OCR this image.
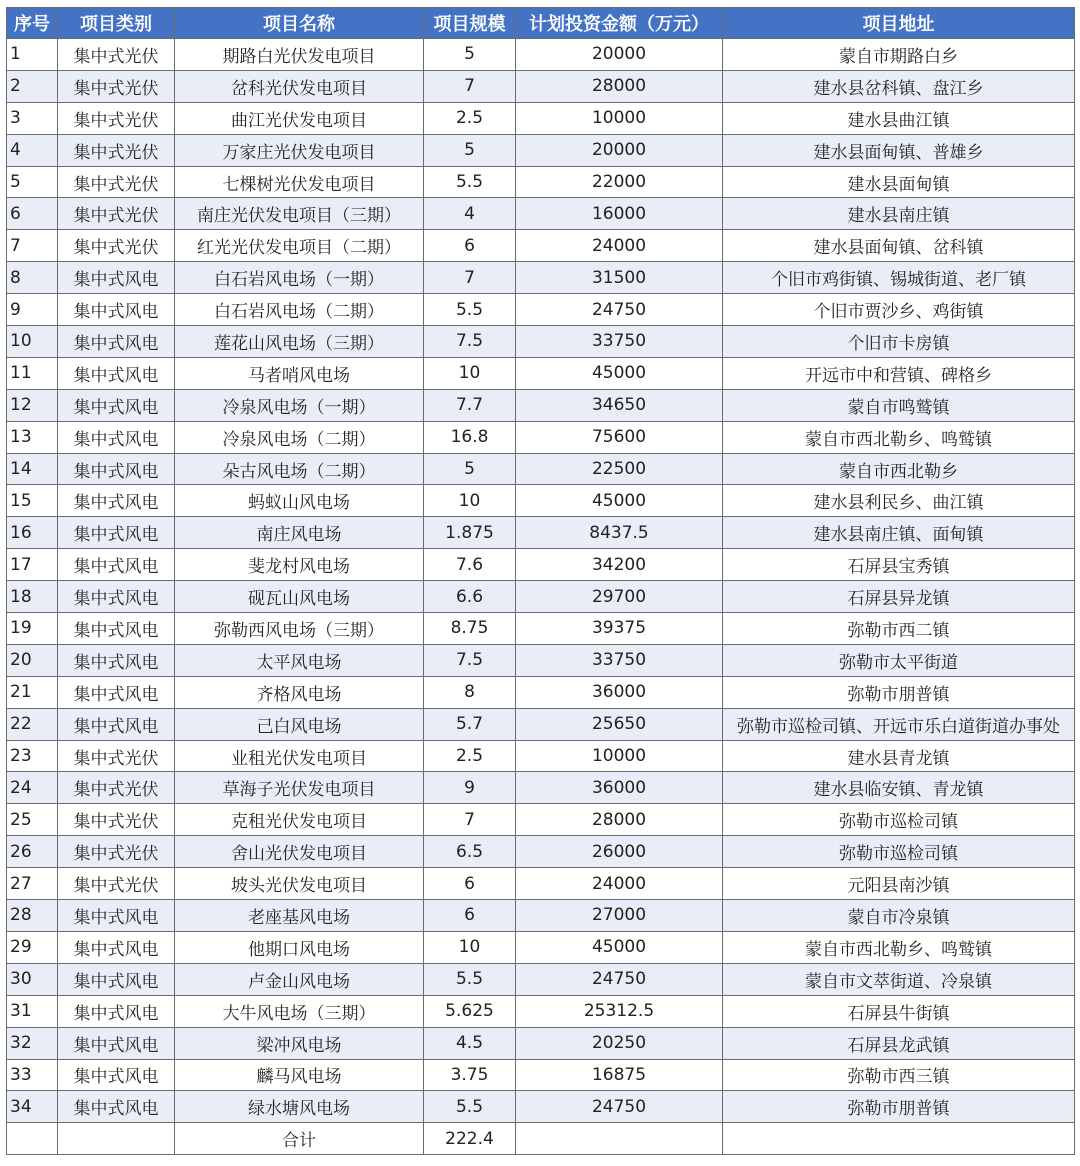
序号	项目类别	项目名称	项目规模	计划投资金额（万元）	项目地址
1	集中式光伏	期路白光伏发电项目	5	20000	蒙自市期路白乡
2	集中式光伏	岔科光伏发电项目	7	28000	建水县岔科镇、盘江乡
3	集中式光伏	曲江光伏发电项目	2.5	10000	建水县曲江镇
4	集中式光伏	万家庄光伏发电项目	5	20000	建水县面甸镇、普雄乡
5	集中式光伏	七棵树光伏发电项目	5.5	22000	建水县面甸镇
6	集中式光伏	南庄光伏发电项目（三期）	4	16000	建水县南庄镇
7	集中式光伏	红光光伏发电项目（二期）	6	24000	建水县面甸镇、岔科镇
8	集中式风电	白石岩风电场（一期）	7	31500	个旧市鸡街镇、锡城街道、老厂镇
9	集中式风电	白石岩风电场（二期）	5.5	24750	个旧市贾沙乡、鸡街镇
10	集中式风电	莲花山风电场（三期）	7.5	33750	个旧市卡房镇
11	集中式风电	马者哨风电场	10	45000	开远市中和营镇、碑格乡
12	集中式风电	冷泉风电场（一期）	7.7	34650	蒙自市鸣鹫镇
13	集中式风电	冷泉风电场（二期）	16.8	75600	蒙自市西北勒乡、鸣鹫镇
14	集中式风电	朵古风电场（二期）	5	22500	蒙自市西北勒乡
15	集中式风电	蚂蚁山风电场	10	45000	建水县利民乡、曲江镇
16	集中式风电	南庄风电场	1.875	8437.5	建水县南庄镇、面甸镇
17	集中式风电	斐龙村风电场	7.6	34200	石屏县宝秀镇
18	集中式风电	砚瓦山风电场	6.6	29700	石屏县异龙镇
19	集中式风电	弥勒西风电场（三期）	8.75	39375	弥勒市西二镇
20	集中式风电	太平风电场	7.5	33750	弥勒市太平街道
21	集中式风电	齐格风电场	8	36000	弥勒市朋普镇
22	集中式风电	己白风电场	5.7	25650	弥勒市巡检司镇、开远市乐白道街道办事处
23	集中式光伏	业租光伏发电项目	2.5	10000	建水县青龙镇
24	集中式光伏	草海子光伏发电项目	9	36000	建水县临安镇、青龙镇
25	集中式光伏	克租光伏发电项目	7	28000	弥勒市巡检司镇
26	集中式光伏	舍山光伏发电项目	6.5	26000	弥勒市巡检司镇
27	集中式光伏	坡头光伏发电项目	6	24000	元阳县南沙镇
28	集中式风电	老座基风电场	6	27000	蒙自市冷泉镇
29	集中式风电	他期口风电场	10	45000	蒙自市西北勒乡、鸣鹫镇
30	集中式风电	卢金山风电场	5.5	24750	蒙自市文萃街道、冷泉镇
31	集中式风电	大牛风电场（三期）	5.625	25312.5	石屏县牛街镇
32	集中式风电	梁冲风电场	4.5	20250	石屏县龙武镇
33	集中式风电	麟马风电场	3.75	16875	弥勒市西三镇
34	集中式风电	绿水塘风电场	5.5	24750	弥勒市朋普镇
		合计	222.4		
